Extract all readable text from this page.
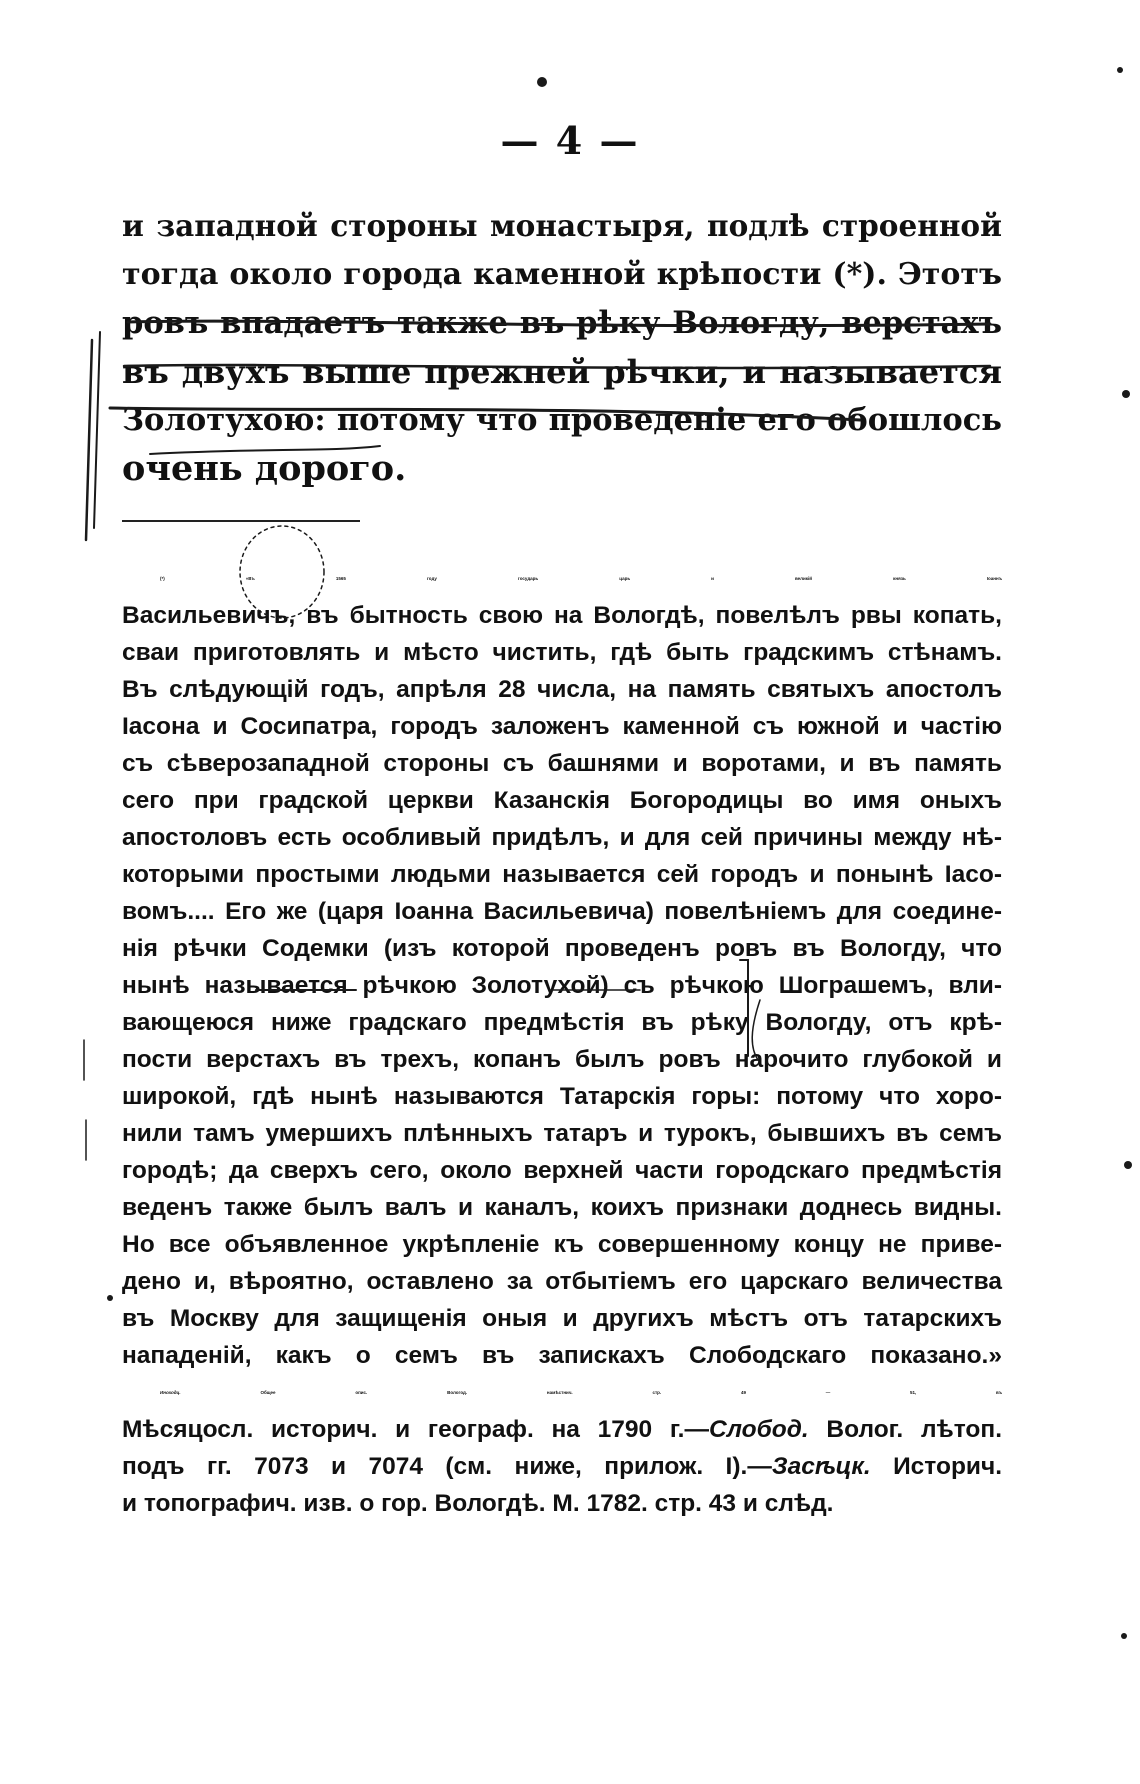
— 4 —
и западной стороны монастыря, подлѣ строенной
тогда около города каменной крѣпости (*). Этотъ
ровъ впадаетъ также въ рѣку Вологду, верстахъ
въ двухъ выше прежней рѣчки, и называется
Золотухою: потому что проведеніе его обошлось
очень дорого.
(*) «Въ 1565 году государь царь и великій князь Іоаннъ
Васильевичъ, въ бытность свою на Вологдѣ, повелѣлъ рвы копать,
сваи приготовлять и мѣсто чистить, гдѣ быть градскимъ стѣнамъ.
Въ слѣдующій годъ, апрѣля 28 числа, на память святыхъ апостолъ
Іасона и Сосипатра, городъ заложенъ каменной съ южной и частію
съ сѣверозападной стороны съ башнями и воротами, и въ память
сего при градской церкви Казанскія Богородицы во имя оныхъ
апостоловъ есть особливый придѣлъ, и для сей причины между нѣ-
которыми простыми людьми называется сей городъ и понынѣ Іасо-
вомъ.... Его же (царя Іоанна Васильевича) повелѣніемъ для соедине-
нія рѣчки Содемки (изъ которой проведенъ ровъ въ Вологду, что
нынѣ называется рѣчкою Золотухой) съ рѣчкою Шограшемъ, вли-
вающеюся ниже градскаго предмѣстія въ рѣку Вологду, отъ крѣ-
пости верстахъ въ трехъ, копанъ былъ ровъ нарочито глубокой и
широкой, гдѣ нынѣ называются Татарскія горы: потому что хоро-
нили тамъ умершихъ плѣнныхъ татаръ и турокъ, бывшихъ въ семъ
городѣ; да сверхъ сего, около верхней части городскаго предмѣстія
веденъ также былъ валъ и каналъ, коихъ признаки доднесь видны.
Но все объявленное укрѣпленіе къ совершенному концу не приве-
дено и, вѣроятно, оставлено за отбытіемъ его царскаго величества
въ Москву для защищенія оныя и другихъ мѣстъ отъ татарскихъ
нападеній, какъ о семъ въ запискахъ Слободскаго показано.»
Иноходц. Общее опис. Вологод. намѣстнич. стр. 49 — 51, въ
Мѣсяцосл. историч. и географ. на 1790 г.—Слобод. Волог. лѣтоп.
подъ гг. 7073 и 7074 (см. ниже, прилож. I).—Засѣцк. Историч.
и топографич. изв. о гор. Вологдѣ. М. 1782. стр. 43 и слѣд.
